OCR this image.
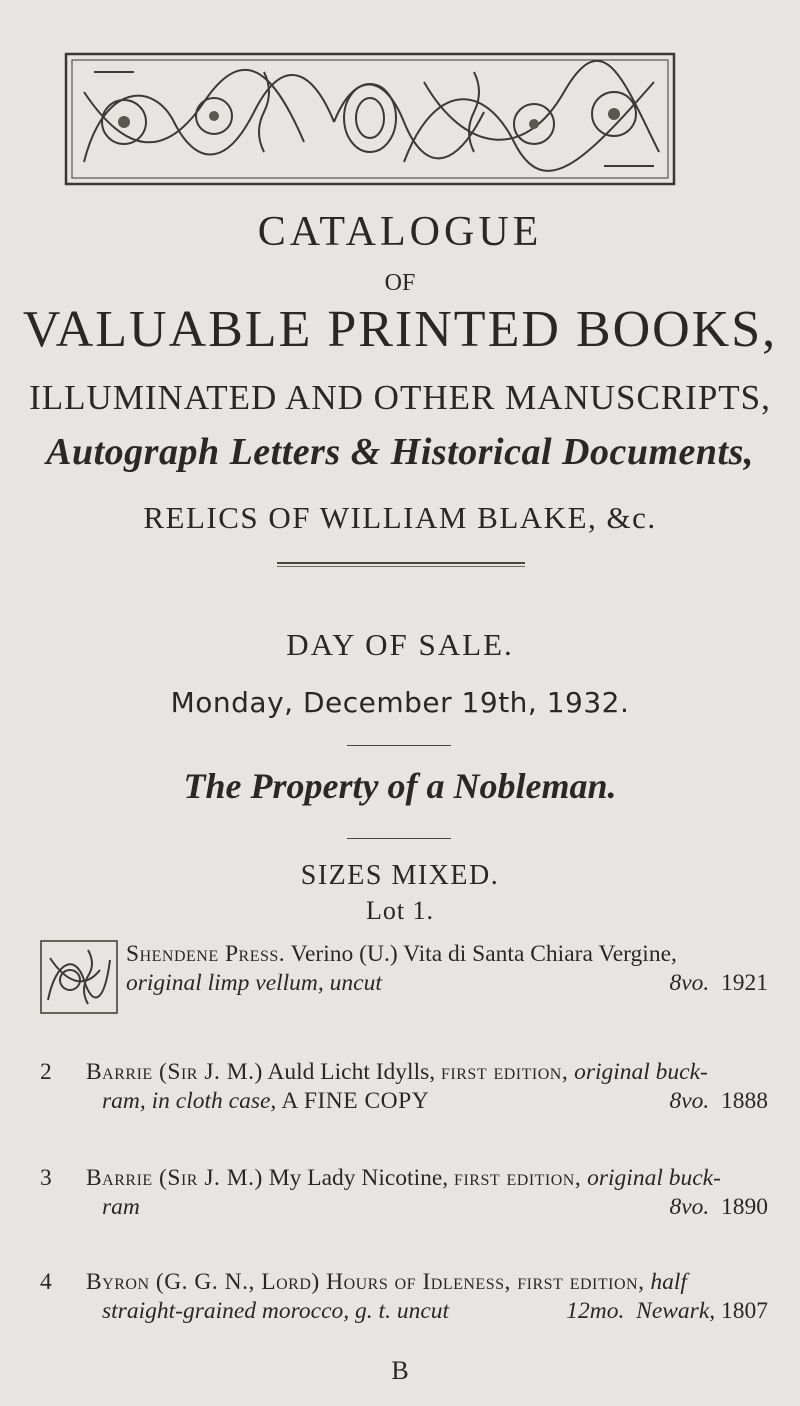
CATALOGUE
OF
VALUABLE PRINTED BOOKS,
ILLUMINATED AND OTHER MANUSCRIPTS,
Autograph Letters & Historical Documents,
RELICS OF WILLIAM BLAKE, &c.
DAY OF SALE.
Monday, December 19th, 1932.
The Property of a Nobleman.
SIZES MIXED.
Lot 1.
Shendene Press. Verino (U.) Vita di Santa Chiara Vergine,
original limp vellum, uncut	8vo. 1921
2	Barrie (Sir J. M.) Auld Licht Idylls, first edition, original buck-
ram, in cloth case, A FINE COPY	8vo. 1888
3	Barrie (Sir J. M.) My Lady Nicotine, first edition, original buck-
ram	8vo. 1890
4	Byron (G. G. N., Lord) Hours of Idleness, first edition, half
straight-grained morocco, g. t. uncut	12mo. Newark, 1807
B
